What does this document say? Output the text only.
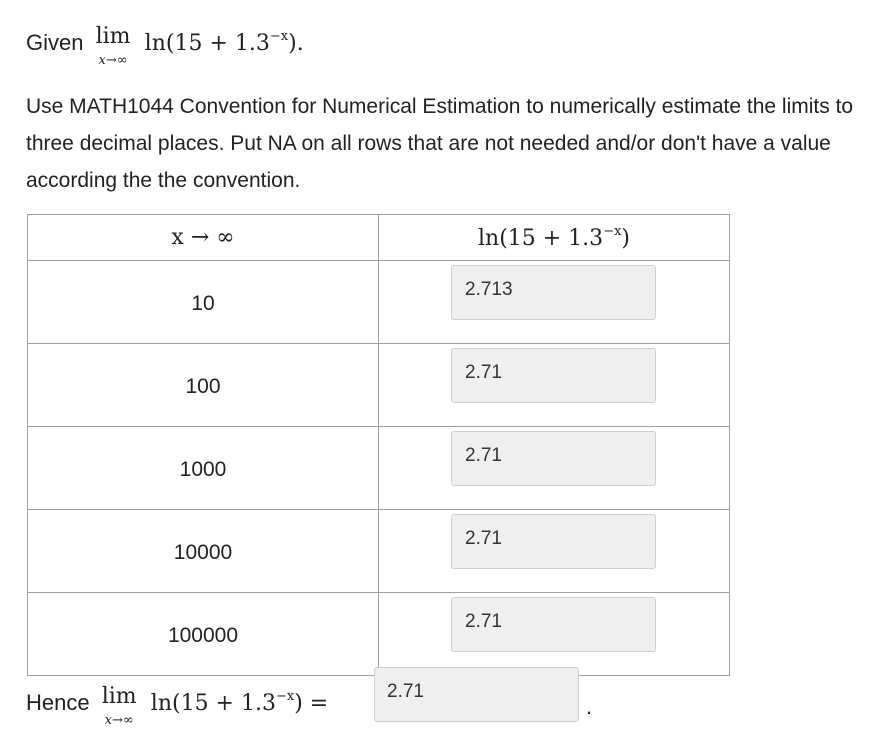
Given lim
x→∞
$\ln(15 + 1.3^{-x})$.
Use MATH1044 Convention for Numerical Estimation to numerically estimate the limits to three decimal places. Put NA on all rows that are not needed and/or don't have a value according the the convention.
x → ∞	$\ln(15 + 1.3^{-x})$
10	2.713

100	2.71

1000	2.71

10000	2.71

100000	2.71
Hence lim
x→∞
$\ln(15 + 1.3^{-x})$ =	2.71
.
